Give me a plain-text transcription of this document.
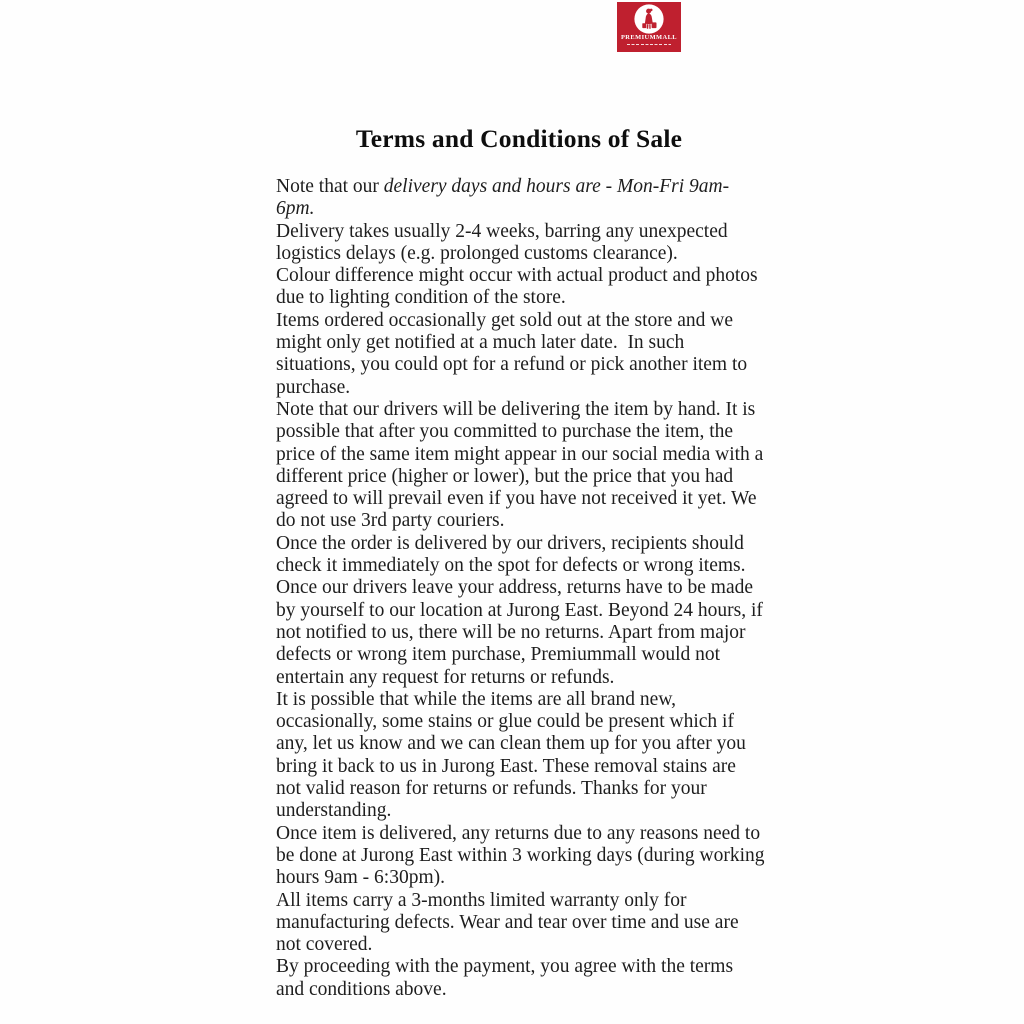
PREMIUMMALL
Terms and Conditions of Sale
Note that our delivery days and hours are - Mon-Fri 9am-
6pm.
Delivery takes usually 2-4 weeks, barring any unexpected
logistics delays (e.g. prolonged customs clearance).
Colour difference might occur with actual product and photos
due to lighting condition of the store.
Items ordered occasionally get sold out at the store and we
might only get notified at a much later date.  In such
situations, you could opt for a refund or pick another item to
purchase.
Note that our drivers will be delivering the item by hand. It is
possible that after you committed to purchase the item, the
price of the same item might appear in our social media with a
different price (higher or lower), but the price that you had
agreed to will prevail even if you have not received it yet. We
do not use 3rd party couriers.
Once the order is delivered by our drivers, recipients should
check it immediately on the spot for defects or wrong items.
Once our drivers leave your address, returns have to be made
by yourself to our location at Jurong East. Beyond 24 hours, if
not notified to us, there will be no returns. Apart from major
defects or wrong item purchase, Premiummall would not
entertain any request for returns or refunds.
It is possible that while the items are all brand new,
occasionally, some stains or glue could be present which if
any, let us know and we can clean them up for you after you
bring it back to us in Jurong East. These removal stains are
not valid reason for returns or refunds. Thanks for your
understanding.
Once item is delivered, any returns due to any reasons need to
be done at Jurong East within 3 working days (during working
hours 9am - 6:30pm).
All items carry a 3-months limited warranty only for
manufacturing defects. Wear and tear over time and use are
not covered.
By proceeding with the payment, you agree with the terms
and conditions above.
